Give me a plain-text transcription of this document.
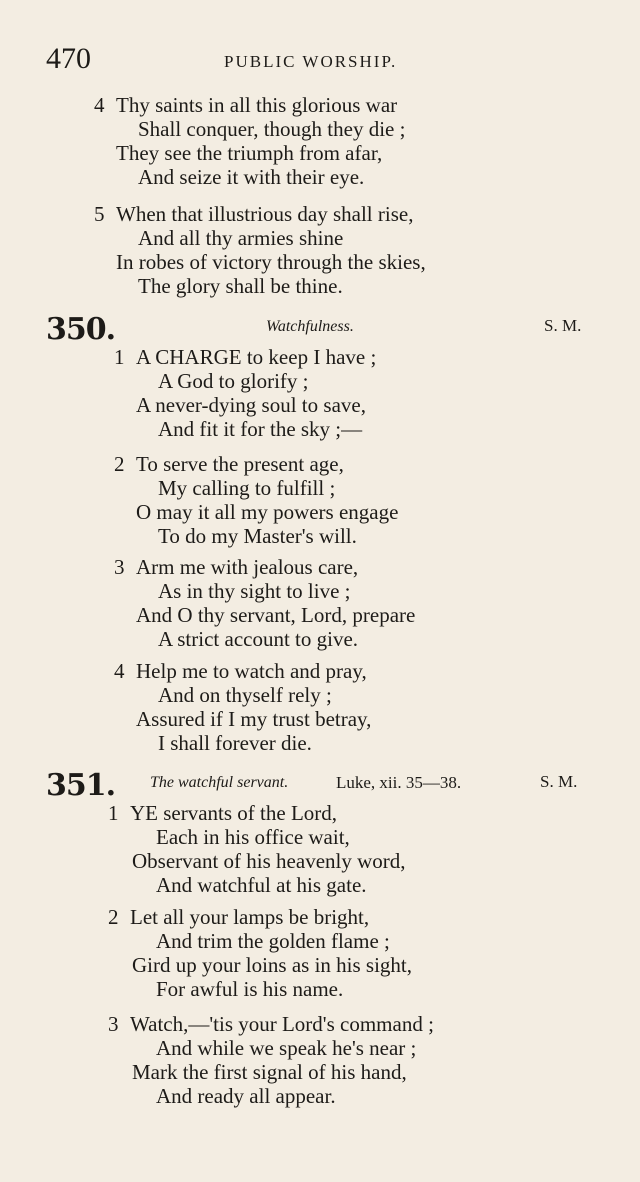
470	PUBLIC WORSHIP.
4 Thy saints in all this glorious war
Shall conquer, though they die ;
They see the triumph from afar,
And seize it with their eye.
5 When that illustrious day shall rise,
And all thy armies shine
In robes of victory through the skies,
The glory shall be thine.
350.	Watchfulness.	S. M.
1 A CHARGE to keep I have ;
A God to glorify ;
A never-dying soul to save,
And fit it for the sky ;—
2 To serve the present age,
My calling to fulfill ;
O may it all my powers engage
To do my Master's will.
3 Arm me with jealous care,
As in thy sight to live ;
And O thy servant, Lord, prepare
A strict account to give.
4 Help me to watch and pray,
And on thyself rely ;
Assured if I my trust betray,
I shall forever die.
351. The watchful servant.	Luke, xii. 35—38.	S. M.
1 YE servants of the Lord,
Each in his office wait,
Observant of his heavenly word,
And watchful at his gate.
2 Let all your lamps be bright,
And trim the golden flame ;
Gird up your loins as in his sight,
For awful is his name.
3 Watch,—'tis your Lord's command ;
And while we speak he's near ;
Mark the first signal of his hand,
And ready all appear.
